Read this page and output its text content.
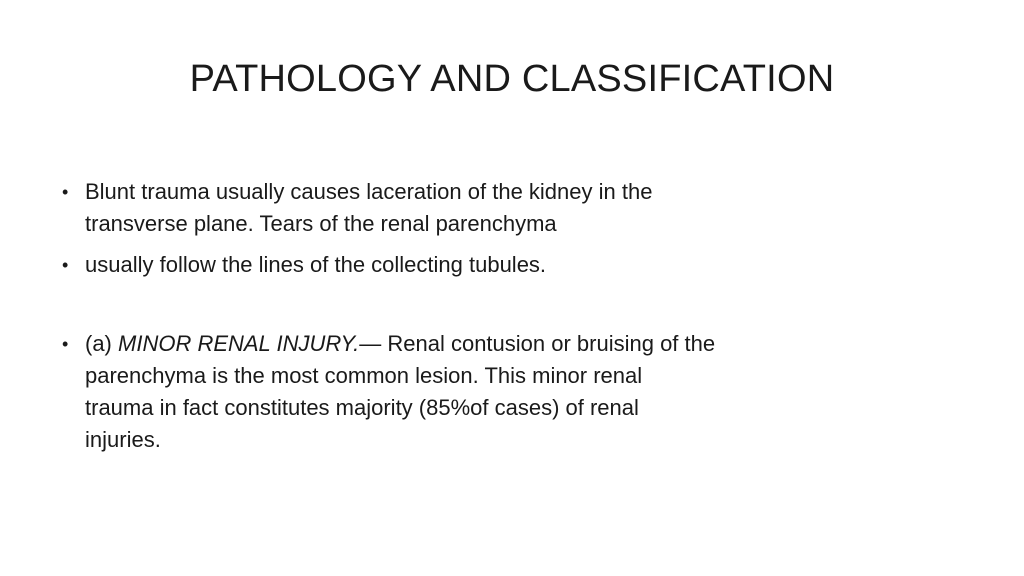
PATHOLOGY AND CLASSIFICATION
• Blunt trauma usually causes laceration of the kidney in the
transverse plane. Tears of the renal parenchyma
• usually follow the lines of the collecting tubules.
• (a) MINOR RENAL INJURY.— Renal contusion or bruising of the
parenchyma is the most common lesion. This minor renal
trauma in fact constitutes majority (85%of cases) of renal
injuries.
